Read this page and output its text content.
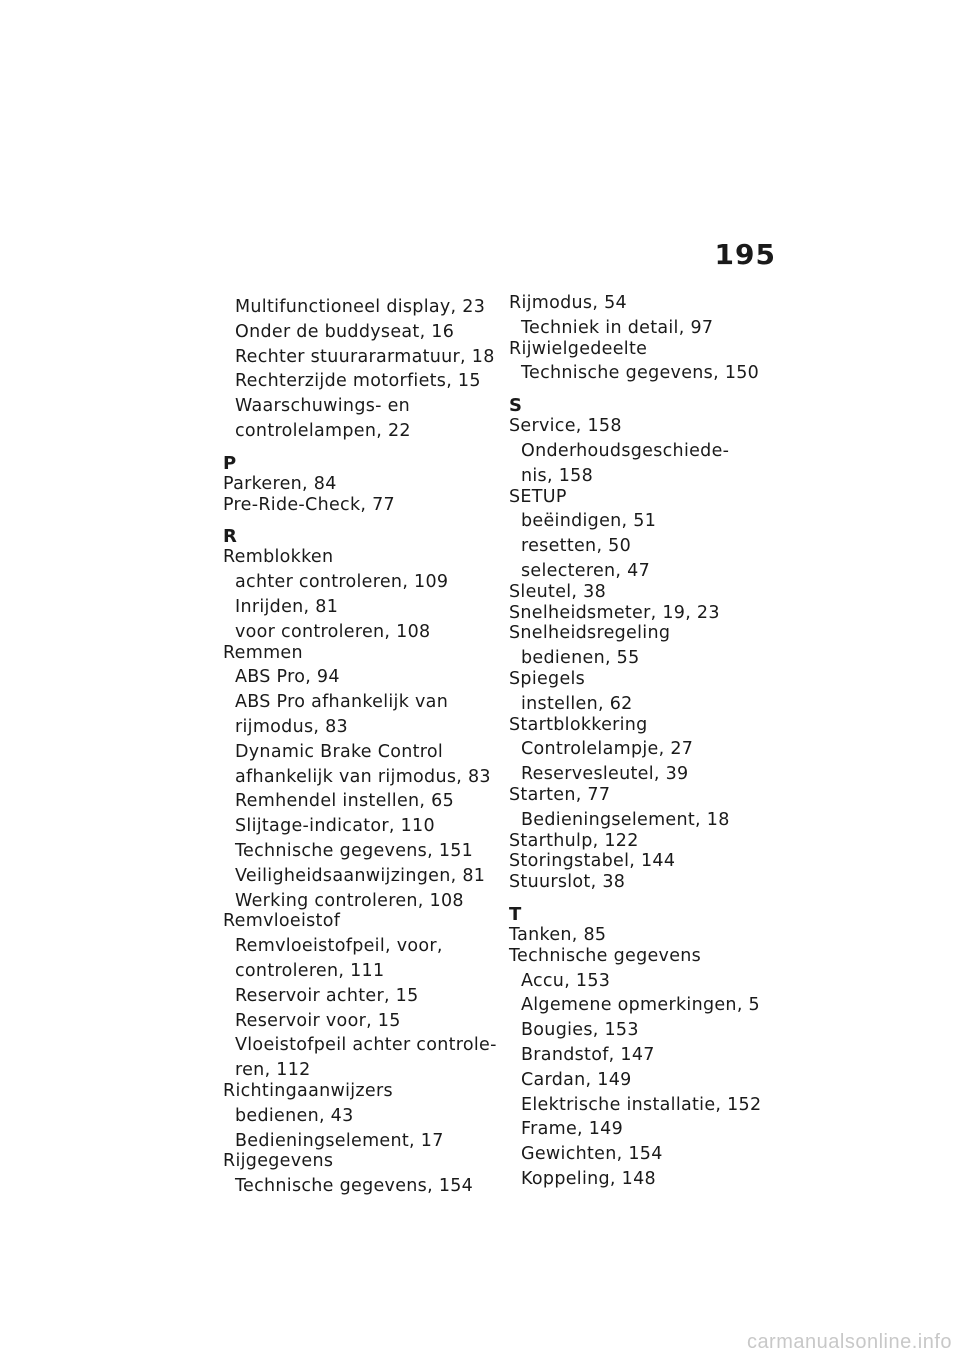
195
Multifunctioneel display, 23
Onder de buddyseat, 16
Rechter stuurararmatuur, 18
Rechterzijde motorfiets, 15
Waarschuwings- en
controlelampen, 22
P
Parkeren, 84
Pre-Ride-Check, 77
R
Remblokken
achter controleren, 109
Inrijden, 81
voor controleren, 108
Remmen
ABS Pro, 94
ABS Pro afhankelijk van
rijmodus, 83
Dynamic Brake Control
afhankelijk van rijmodus, 83
Remhendel instellen, 65
Slijtage-indicator, 110
Technische gegevens, 151
Veiligheidsaanwijzingen, 81
Werking controleren, 108
Remvloeistof
Remvloeistofpeil, voor,
controleren, 111
Reservoir achter, 15
Reservoir voor, 15
Vloeistofpeil achter controle-
ren, 112
Richtingaanwijzers
bedienen, 43
Bedieningselement, 17
Rijgegevens
Technische gegevens, 154
Rijmodus, 54
Techniek in detail, 97
Rijwielgedeelte
Technische gegevens, 150
S
Service, 158
Onderhoudsgeschiede-
nis, 158
SETUP
beëindigen, 51
resetten, 50
selecteren, 47
Sleutel, 38
Snelheidsmeter, 19, 23
Snelheidsregeling
bedienen, 55
Spiegels
instellen, 62
Startblokkering
Controlelampje, 27
Reservesleutel, 39
Starten, 77
Bedieningselement, 18
Starthulp, 122
Storingstabel, 144
Stuurslot, 38
T
Tanken, 85
Technische gegevens
Accu, 153
Algemene opmerkingen, 5
Bougies, 153
Brandstof, 147
Cardan, 149
Elektrische installatie, 152
Frame, 149
Gewichten, 154
Koppeling, 148
carmanualsonline.info
